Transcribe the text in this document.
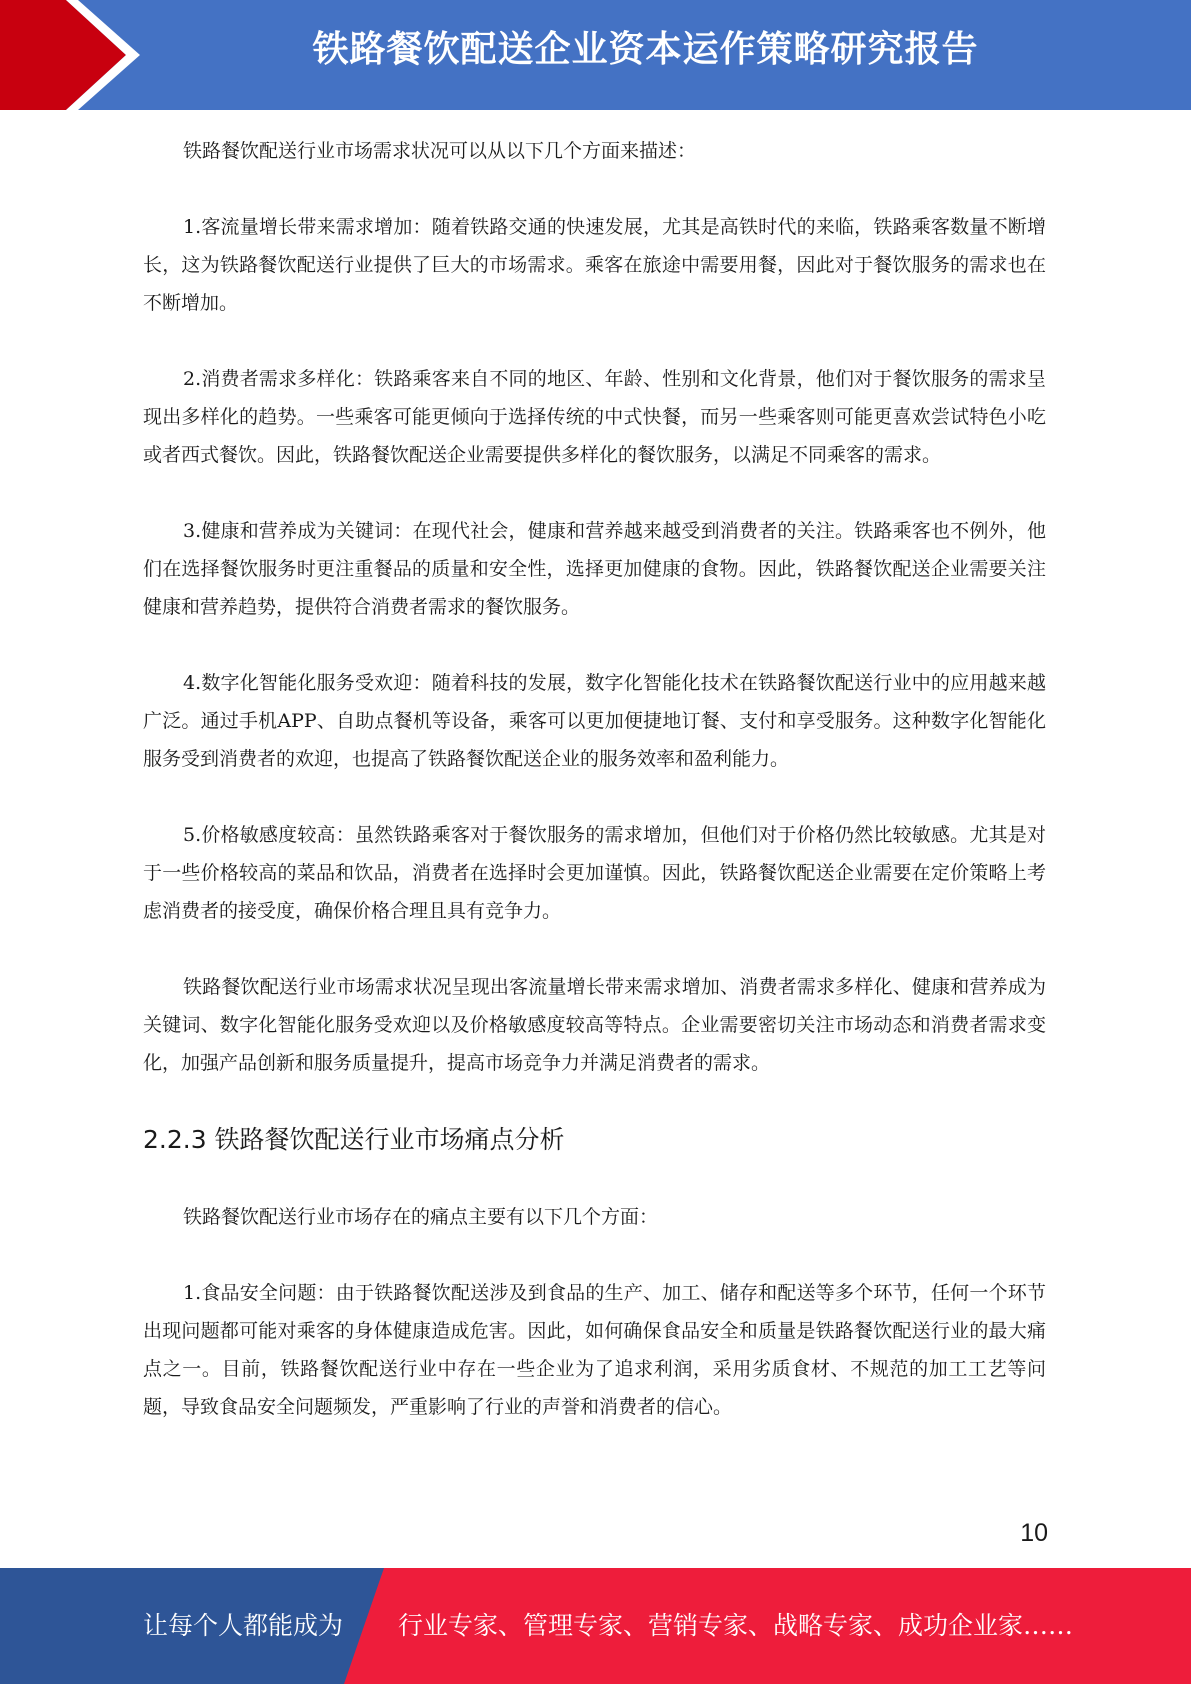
铁路餐饮配送企业资本运作策略研究报告

铁路餐饮配送行业市场需求状况可以从以下几个方面来描述：

1.客流量增长带来需求增加：随着铁路交通的快速发展，尤其是高铁时代的来临，铁路乘客数量不断增长，这为铁路餐饮配送行业提供了巨大的市场需求。乘客在旅途中需要用餐，因此对于餐饮服务的需求也在不断增加。

2.消费者需求多样化：铁路乘客来自不同的地区、年龄、性别和文化背景，他们对于餐饮服务的需求呈现出多样化的趋势。一些乘客可能更倾向于选择传统的中式快餐，而另一些乘客则可能更喜欢尝试特色小吃或者西式餐饮。因此，铁路餐饮配送企业需要提供多样化的餐饮服务，以满足不同乘客的需求。

3.健康和营养成为关键词：在现代社会，健康和营养越来越受到消费者的关注。铁路乘客也不例外，他们在选择餐饮服务时更注重餐品的质量和安全性，选择更加健康的食物。因此，铁路餐饮配送企业需要关注健康和营养趋势，提供符合消费者需求的餐饮服务。

4.数字化智能化服务受欢迎：随着科技的发展，数字化智能化技术在铁路餐饮配送行业中的应用越来越广泛。通过手机APP、自助点餐机等设备，乘客可以更加便捷地订餐、支付和享受服务。这种数字化智能化服务受到消费者的欢迎，也提高了铁路餐饮配送企业的服务效率和盈利能力。

5.价格敏感度较高：虽然铁路乘客对于餐饮服务的需求增加，但他们对于价格仍然比较敏感。尤其是对于一些价格较高的菜品和饮品，消费者在选择时会更加谨慎。因此，铁路餐饮配送企业需要在定价策略上考虑消费者的接受度，确保价格合理且具有竞争力。

铁路餐饮配送行业市场需求状况呈现出客流量增长带来需求增加、消费者需求多样化、健康和营养成为关键词、数字化智能化服务受欢迎以及价格敏感度较高等特点。企业需要密切关注市场动态和消费者需求变化，加强产品创新和服务质量提升，提高市场竞争力并满足消费者的需求。

2.2.3 铁路餐饮配送行业市场痛点分析

铁路餐饮配送行业市场存在的痛点主要有以下几个方面：

1.食品安全问题：由于铁路餐饮配送涉及到食品的生产、加工、储存和配送等多个环节，任何一个环节出现问题都可能对乘客的身体健康造成危害。因此，如何确保食品安全和质量是铁路餐饮配送行业的最大痛点之一。目前，铁路餐饮配送行业中存在一些企业为了追求利润，采用劣质食材、不规范的加工工艺等问题，导致食品安全问题频发，严重影响了行业的声誉和消费者的信心。

10
让每个人都能成为 行业专家、管理专家、营销专家、战略专家、成功企业家……
